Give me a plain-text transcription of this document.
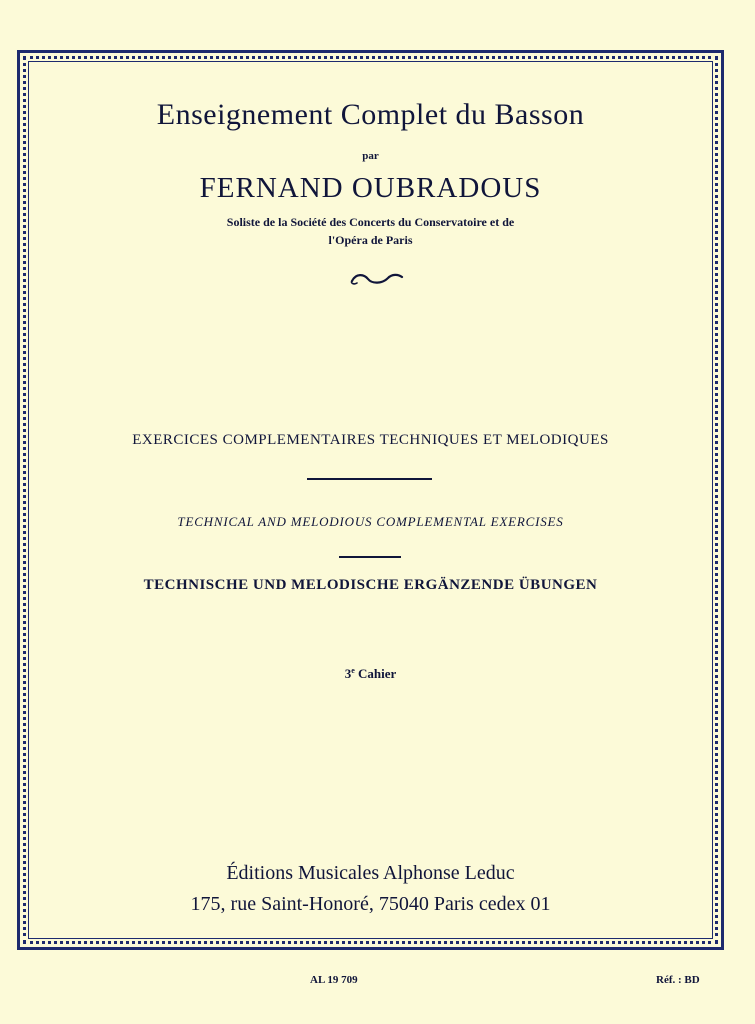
Enseignement Complet du Basson
par
FERNAND OUBRADOUS
Soliste de la Société des Concerts du Conservatoire et de
l'Opéra de Paris
EXERCICES COMPLEMENTAIRES TECHNIQUES ET MELODIQUES
TECHNICAL AND MELODIOUS COMPLEMENTAL EXERCISES
TECHNISCHE UND MELODISCHE ERGÄNZENDE ÜBUNGEN
3e Cahier
Éditions Musicales Alphonse Leduc
175, rue Saint-Honoré, 75040 Paris cedex 01
AL 19 709	Réf. : BD
